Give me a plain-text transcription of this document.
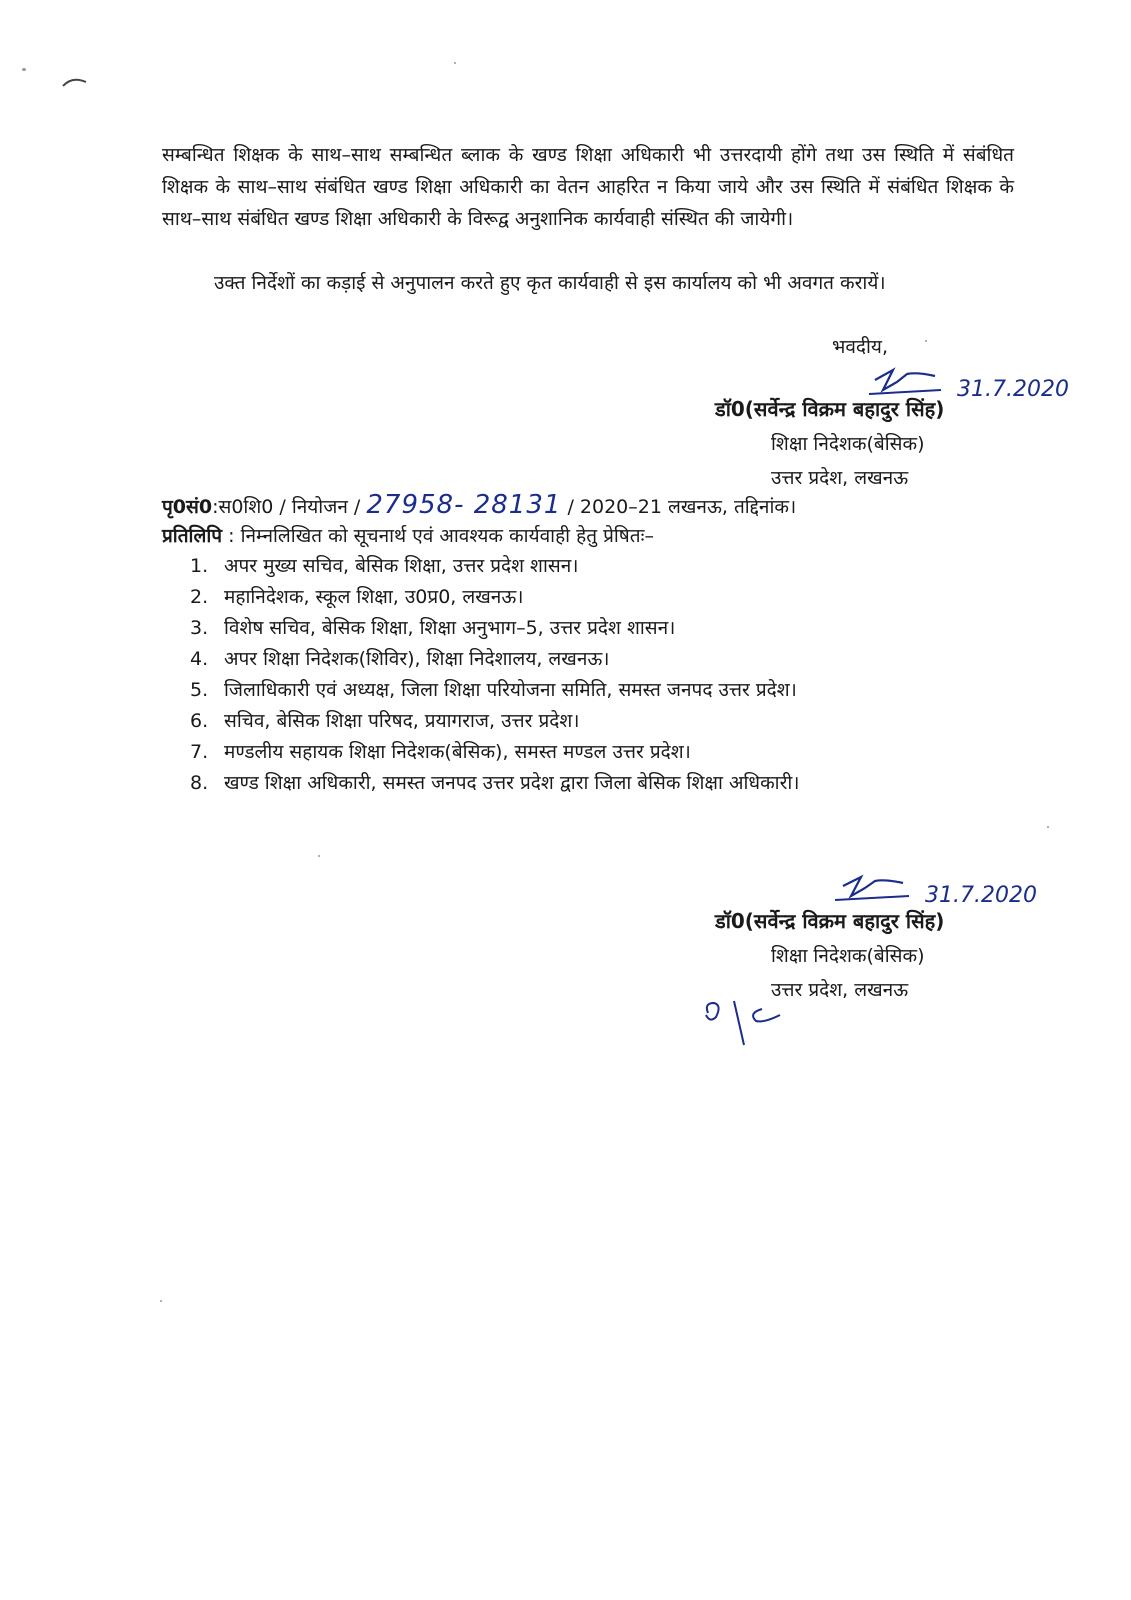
सम्बन्धित शिक्षक के साथ–साथ सम्बन्धित ब्लाक के खण्ड शिक्षा अधिकारी भी उत्तरदायी होंगे तथा उस स्थिति में संबंधित शिक्षक के साथ–साथ संबंधित खण्ड शिक्षा अधिकारी का वेतन आहरित न किया जाये और उस स्थिति में संबंधित शिक्षक के साथ–साथ संबंधित खण्ड शिक्षा अधिकारी के विरूद्व अनुशानिक कार्यवाही संस्थित की जायेगी।
उक्त निर्देशों का कड़ाई से अनुपालन करते हुए कृत कार्यवाही से इस कार्यालय को भी अवगत करायें।
भवदीय,
31.7.2020
डॉ0(सर्वेन्द्र विक्रम बहादुर सिंह)
शिक्षा निदेशक(बेसिक)
उत्तर प्रदेश, लखनऊ
पृ0सं0:स0शि0 / नियोजन / 27958- 28131 / 2020–21 लखनऊ, तद्दिनांक।
प्रतिलिपि : निम्नलिखित को सूचनार्थ एवं आवश्यक कार्यवाही हेतु प्रेषितः–
1. अपर मुख्य सचिव, बेसिक शिक्षा, उत्तर प्रदेश शासन।
2. महानिदेशक, स्कूल शिक्षा, उ0प्र0, लखनऊ।
3. विशेष सचिव, बेसिक शिक्षा, शिक्षा अनुभाग–5, उत्तर प्रदेश शासन।
4. अपर शिक्षा निदेशक(शिविर), शिक्षा निदेशालय, लखनऊ।
5. जिलाधिकारी एवं अध्यक्ष, जिला शिक्षा परियोजना समिति, समस्त जनपद उत्तर प्रदेश।
6. सचिव, बेसिक शिक्षा परिषद, प्रयागराज, उत्तर प्रदेश।
7. मण्डलीय सहायक शिक्षा निदेशक(बेसिक), समस्त मण्डल उत्तर प्रदेश।
8. खण्ड शिक्षा अधिकारी, समस्त जनपद उत्तर प्रदेश द्वारा जिला बेसिक शिक्षा अधिकारी।
31.7.2020
डॉ0(सर्वेन्द्र विक्रम बहादुर सिंह)
शिक्षा निदेशक(बेसिक)
उत्तर प्रदेश, लखनऊ
